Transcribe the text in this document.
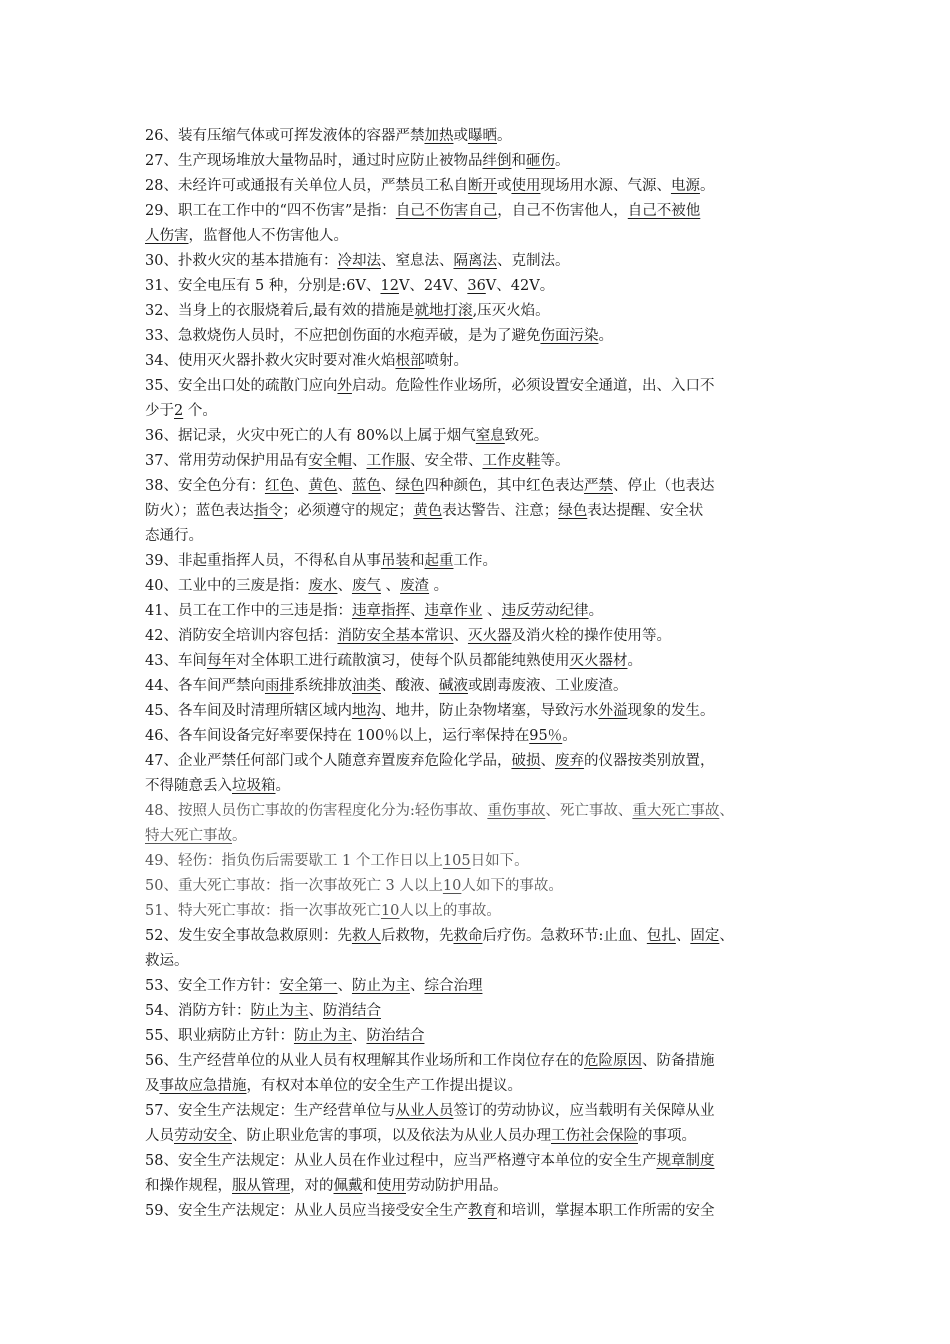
26、装有压缩气体或可挥发液体的容器严禁加热或曝晒。
27、生产现场堆放大量物品时，通过时应防止被物品绊倒和砸伤。
28、未经许可或通报有关单位人员，严禁员工私自断开或使用现场用水源、气源、电源。
29、职工在工作中的“四不伤害”是指：自己不伤害自己，自己不伤害他人，自己不被他
人伤害，监督他人不伤害他人。
30、扑救火灾的基本措施有：冷却法、窒息法、隔离法、克制法。
31、安全电压有 5 种，分别是:6V、12V、24V、36V、42V。
32、当身上的衣服烧着后,最有效的措施是就地打滚,压灭火焰。
33、急救烧伤人员时，不应把创伤面的水疱弄破，是为了避免伤面污染。
34、使用灭火器扑救火灾时要对准火焰根部喷射。
35、安全出口处的疏散门应向外启动。危险性作业场所，必须设置安全通道，出、入口不
少于2 个。
36、据记录，火灾中死亡的人有 80%以上属于烟气窒息致死。
37、常用劳动保护用品有安全帽、工作服、安全带、工作皮鞋等。
38、安全色分有：红色、黄色、蓝色、绿色四种颜色，其中红色表达严禁、停止（也表达
防火）；蓝色表达指令；必须遵守的规定；黄色表达警告、注意；绿色表达提醒、安全状
态通行。
39、非起重指挥人员，不得私自从事吊装和起重工作。
40、工业中的三废是指：废水、废气 、废渣 。
41、员工在工作中的三违是指：违章指挥、违章作业 、违反劳动纪律。
42、消防安全培训内容包括：消防安全基本常识、灭火器及消火栓的操作使用等。
43、车间每年对全体职工进行疏散演习，使每个队员都能纯熟使用灭火器材。
44、各车间严禁向雨排系统排放油类、酸液、碱液或剧毒废液、工业废渣。
45、各车间及时清理所辖区域内地沟、地井，防止杂物堵塞，导致污水外溢现象的发生。
46、各车间设备完好率要保持在 100％以上，运行率保持在95％。
47、企业严禁任何部门或个人随意弃置废弃危险化学品，破损、废弃的仪器按类别放置，
不得随意丢入垃圾箱。
48、按照人员伤亡事故的伤害程度化分为:轻伤事故、重伤事故、死亡事故、重大死亡事故、
特大死亡事故。
49、轻伤：指负伤后需要歇工 1 个工作日以上105日如下。
50、重大死亡事故：指一次事故死亡 3 人以上10人如下的事故。
51、特大死亡事故：指一次事故死亡10人以上的事故。
52、发生安全事故急救原则：先救人后救物，先救命后疗伤。急救环节:止血、包扎、固定、
救运。
53、安全工作方针：安全第一、防止为主、综合治理
54、消防方针：防止为主、防消结合
55、职业病防止方针：防止为主、防治结合
56、生产经营单位的从业人员有权理解其作业场所和工作岗位存在的危险原因、防备措施
及事故应急措施，有权对本单位的安全生产工作提出提议。
57、安全生产法规定：生产经营单位与从业人员签订的劳动协议，应当载明有关保障从业
人员劳动安全、防止职业危害的事项，以及依法为从业人员办理工伤社会保险的事项。
58、安全生产法规定：从业人员在作业过程中，应当严格遵守本单位的安全生产规章制度
和操作规程，服从管理，对的佩戴和使用劳动防护用品。
59、安全生产法规定：从业人员应当接受安全生产教育和培训，掌握本职工作所需的安全
